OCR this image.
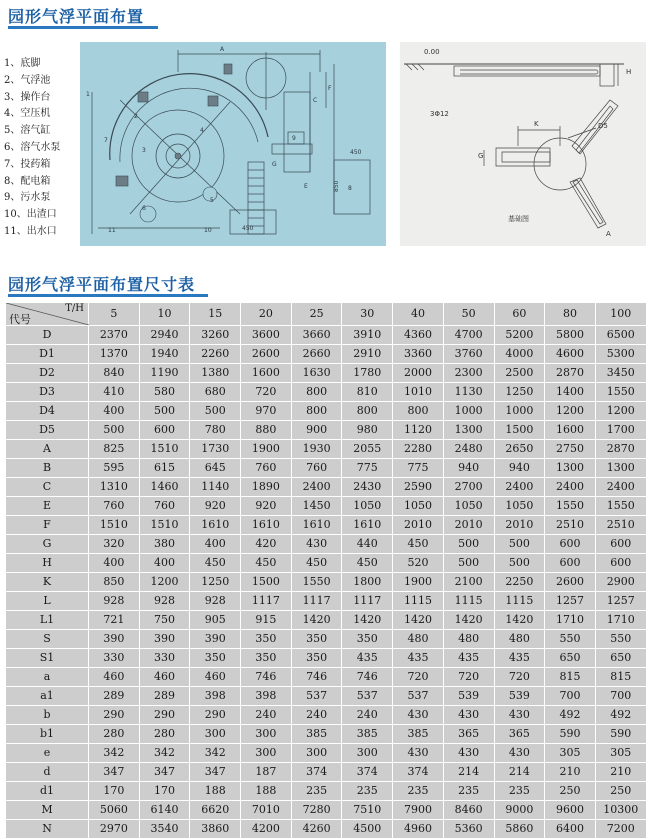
园形气浮平面布置
1、底脚
2、气浮池
3、操作台
4、空压机
5、溶气缸
6、溶气水泵
7、投药箱
8、配电箱
9、污水泵
10、出渣口
11、出水口
A
C
F
G
E
1
2
3
4
5
6
7
8
9
10
11
450
450
850
0.00
3Φ12
K	D5
G
H
A
基础图
园形气浮平面布置尺寸表
T/H
代号	5	10	15	20	25	30	40	50	60	80	100
D	2370	2940	3260	3600	3660	3910	4360	4700	5200	5800	6500
D1	1370	1940	2260	2600	2660	2910	3360	3760	4000	4600	5300
D2	840	1190	1380	1600	1630	1780	2000	2300	2500	2870	3450
D3	410	580	680	720	800	810	1010	1130	1250	1400	1550
D4	400	500	500	970	800	800	800	1000	1000	1200	1200
D5	500	600	780	880	900	980	1120	1300	1500	1600	1700
A	825	1510	1730	1900	1930	2055	2280	2480	2650	2750	2870
B	595	615	645	760	760	775	775	940	940	1300	1300
C	1310	1460	1140	1890	2400	2430	2590	2700	2400	2400	2400
E	760	760	920	920	1450	1050	1050	1050	1050	1550	1550
F	1510	1510	1610	1610	1610	1610	2010	2010	2010	2510	2510
G	320	380	400	420	430	440	450	500	500	600	600
H	400	400	450	450	450	450	520	500	500	600	600
K	850	1200	1250	1500	1550	1800	1900	2100	2250	2600	2900
L	928	928	928	1117	1117	1117	1115	1115	1115	1257	1257
L1	721	750	905	915	1420	1420	1420	1420	1420	1710	1710
S	390	390	390	350	350	350	480	480	480	550	550
S1	330	330	350	350	350	435	435	435	435	650	650
a	460	460	460	746	746	746	720	720	720	815	815
a1	289	289	398	398	537	537	537	539	539	700	700
b	290	290	290	240	240	240	430	430	430	492	492
b1	280	280	300	300	385	385	385	365	365	590	590
e	342	342	342	300	300	300	430	430	430	305	305
d	347	347	347	187	374	374	374	214	214	210	210
d1	170	170	188	188	235	235	235	235	235	250	250
M	5060	6140	6620	7010	7280	7510	7900	8460	9000	9600	10300
N	2970	3540	3860	4200	4260	4500	4960	5360	5860	6400	7200
